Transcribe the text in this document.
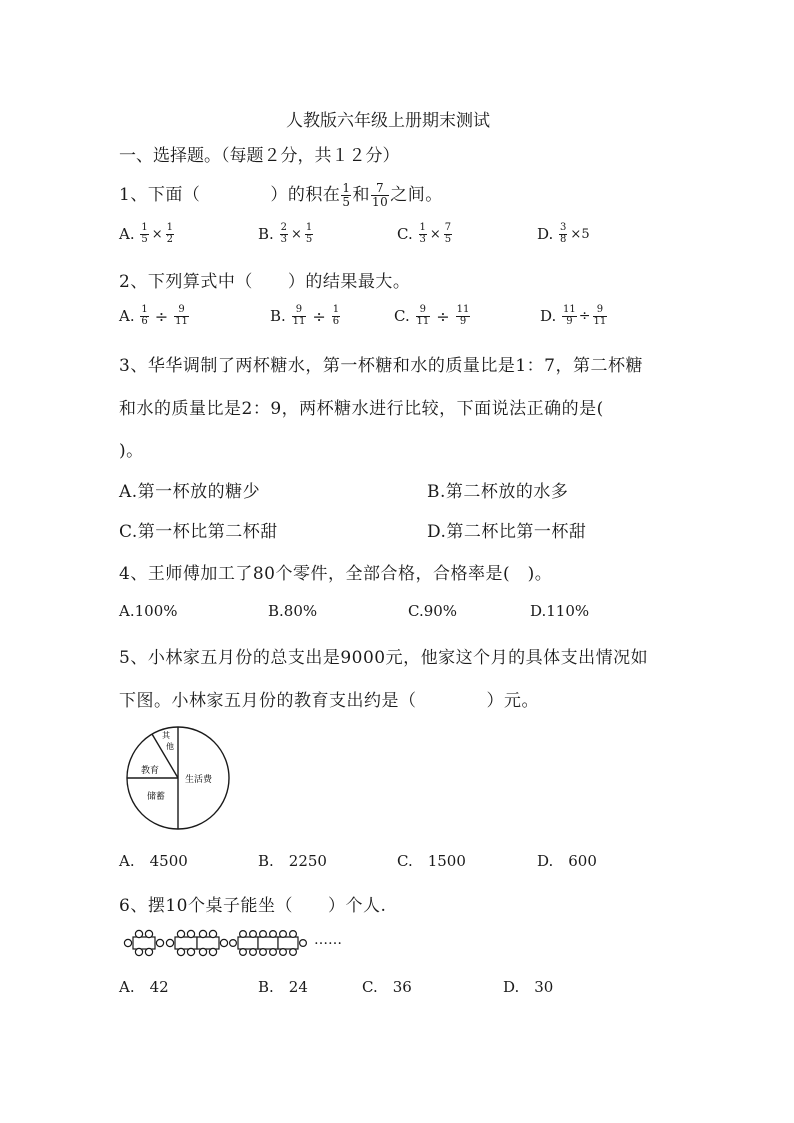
人教版六年级上册期末测试
一、选择题。（每题２分，共１２分）
1、下面（　　　　）的积在 $\frac{1}{5}$ 和 $\frac{7}{10}$ 之间。
A. $\frac{1}{5} \times \frac{1}{2}$	B. $\frac{2}{3} \times \frac{1}{5}$	C. $\frac{1}{3} \times \frac{7}{5}$	D. $\frac{3}{8} \times 5$
2、下列算式中（　　）的结果最大。
A. $\frac{1}{6} \div \frac{9}{11}$	B. $\frac{9}{11} \div \frac{1}{6}$	C. $\frac{9}{11} \div \frac{11}{9}$	D. $\frac{11}{9} \div \frac{9}{11}$
3、华华调制了两杯糖水，第一杯糖和水的质量比是1：7，第二杯糖
和水的质量比是2：9，两杯糖水进行比较，下面说法正确的是(
)。
A.第一杯放的糖少	B.第二杯放的水多
C.第一杯比第二杯甜	D.第二杯比第一杯甜
4、王师傅加工了80个零件，全部合格，合格率是(　)。
A.100%	B.80%	C.90%	D.110%
5、小林家五月份的总支出是9000元，他家这个月的具体支出情况如
下图。小林家五月份的教育支出约是（　　　　）元。
其
他
教育
生活费
储蓄
A.　4500	B.　2250	C.　1500	D.　600
6、摆10个桌子能坐（　　）个人.
……
A.　42	B.　24	C.　36	D.　30
